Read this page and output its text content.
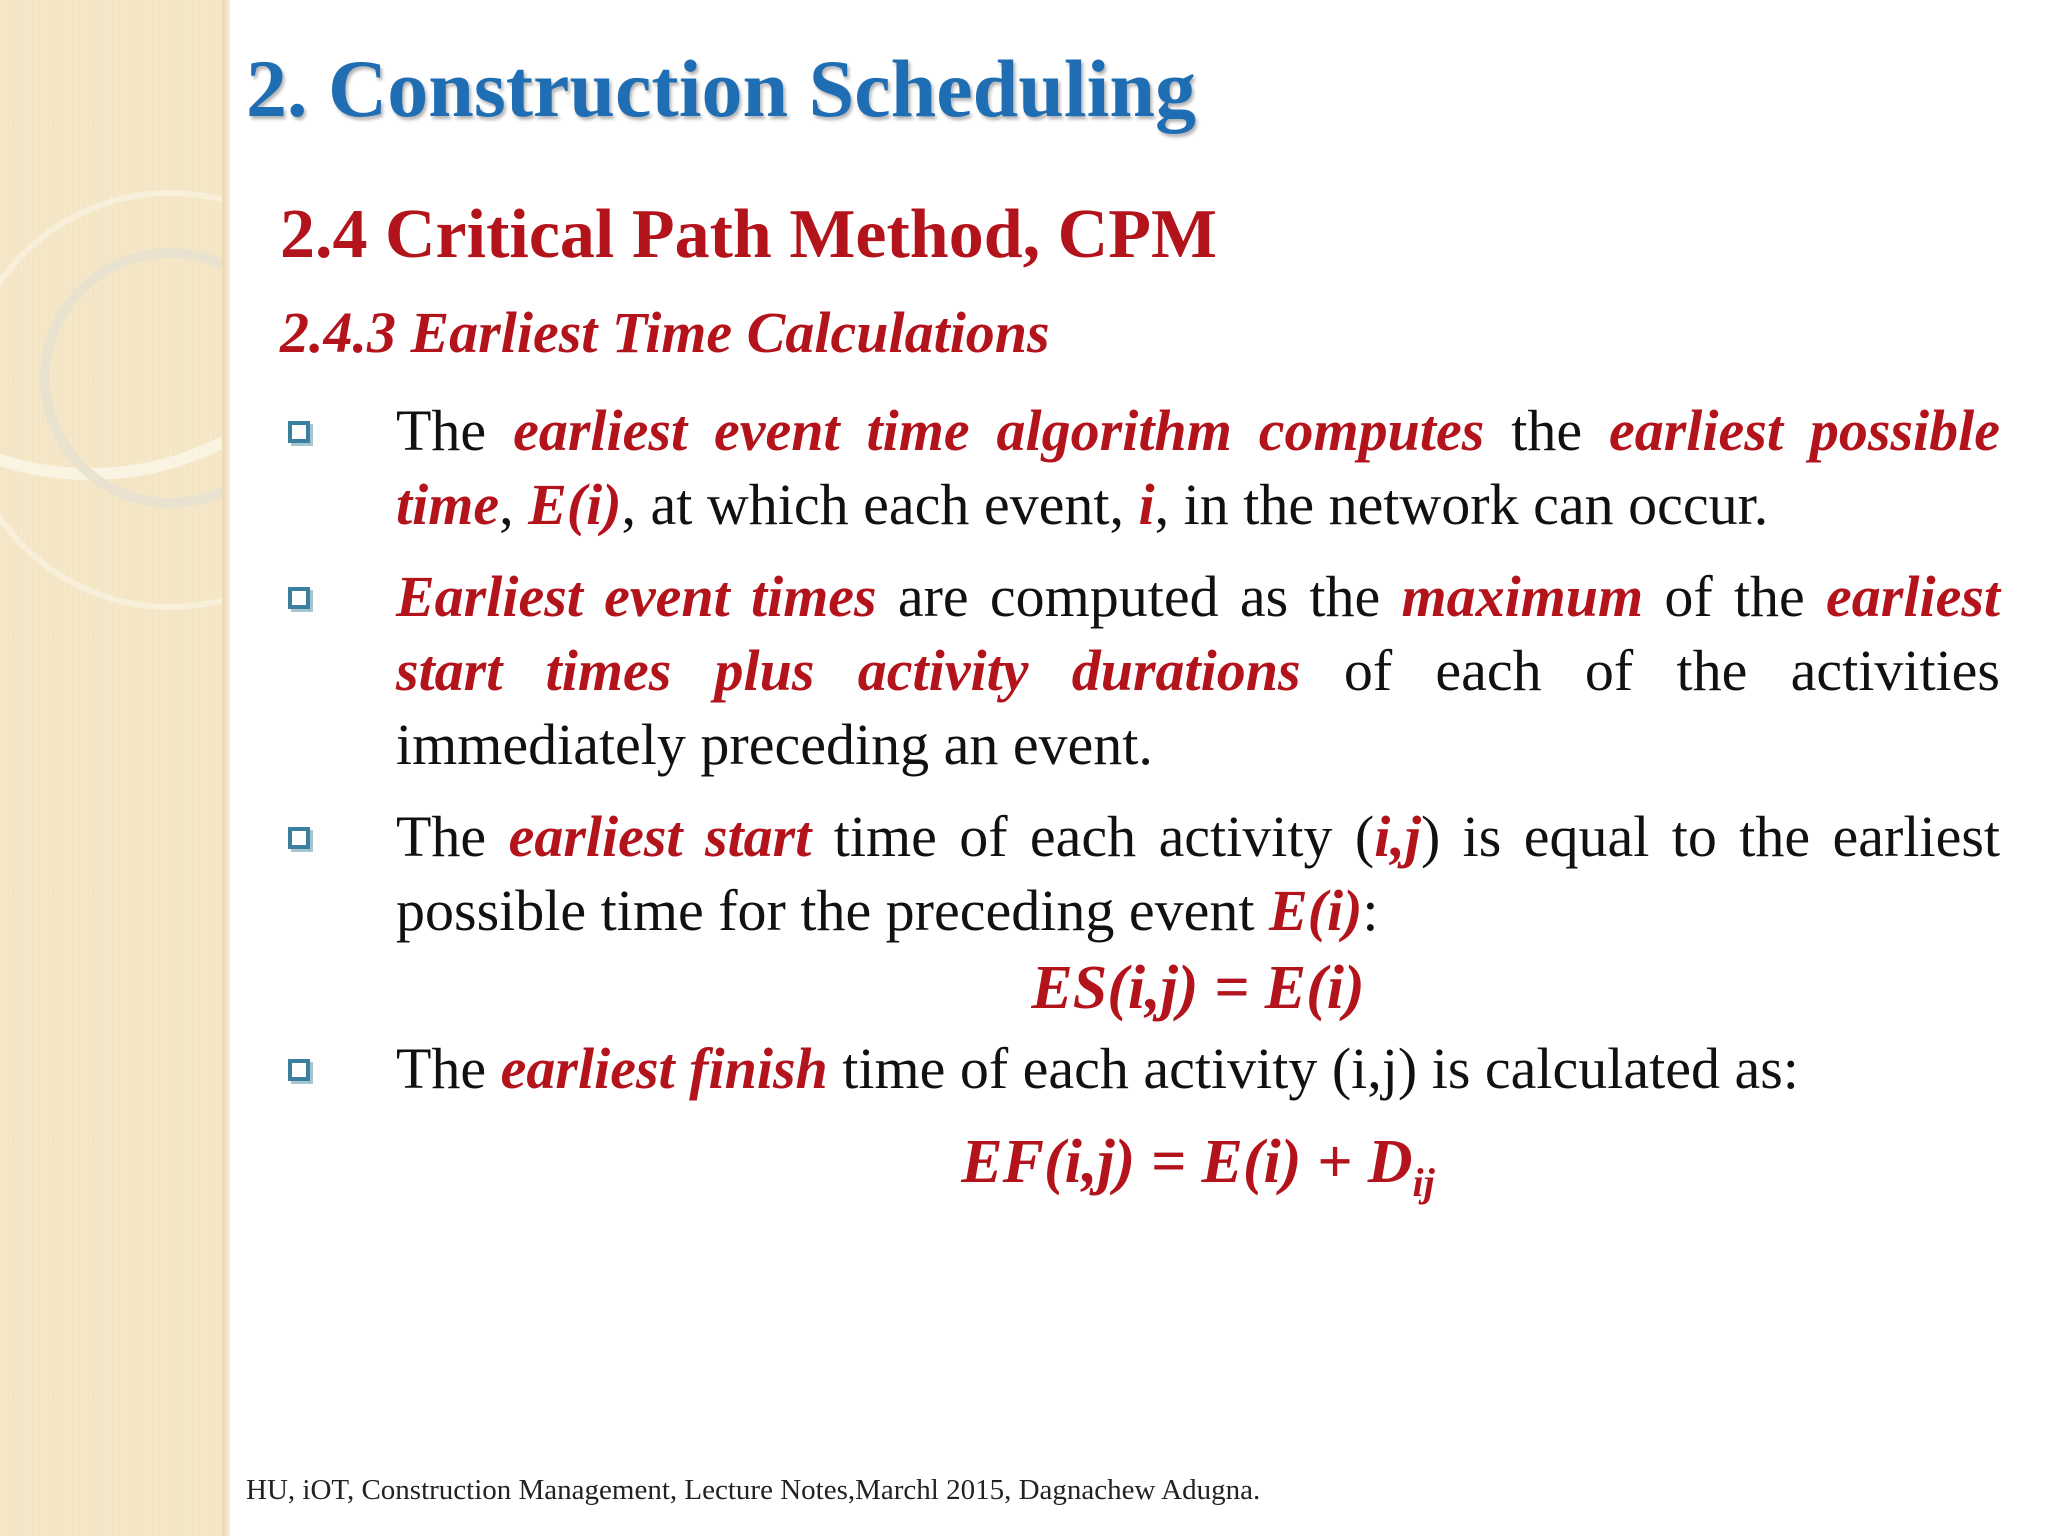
2. Construction Scheduling
2.4 Critical Path Method, CPM
2.4.3 Earliest Time Calculations
The earliest event time algorithm computes the earliest possible time, E(i), at which each event, i, in the network can occur.
Earliest event times are computed as the maximum of the earliest start times plus activity durations of each of the activities immediately preceding an event.
The earliest start time of each activity (i,j) is equal to the earliest possible time for the preceding event E(i):
ES(i,j) = E(i)
The earliest finish time of each activity (i,j) is calculated as:
$EF(i,j) = E(i) + D_{ij}$

HU, iOT, Construction Management, Lecture Notes,Marchl 2015, Dagnachew Adugna.
